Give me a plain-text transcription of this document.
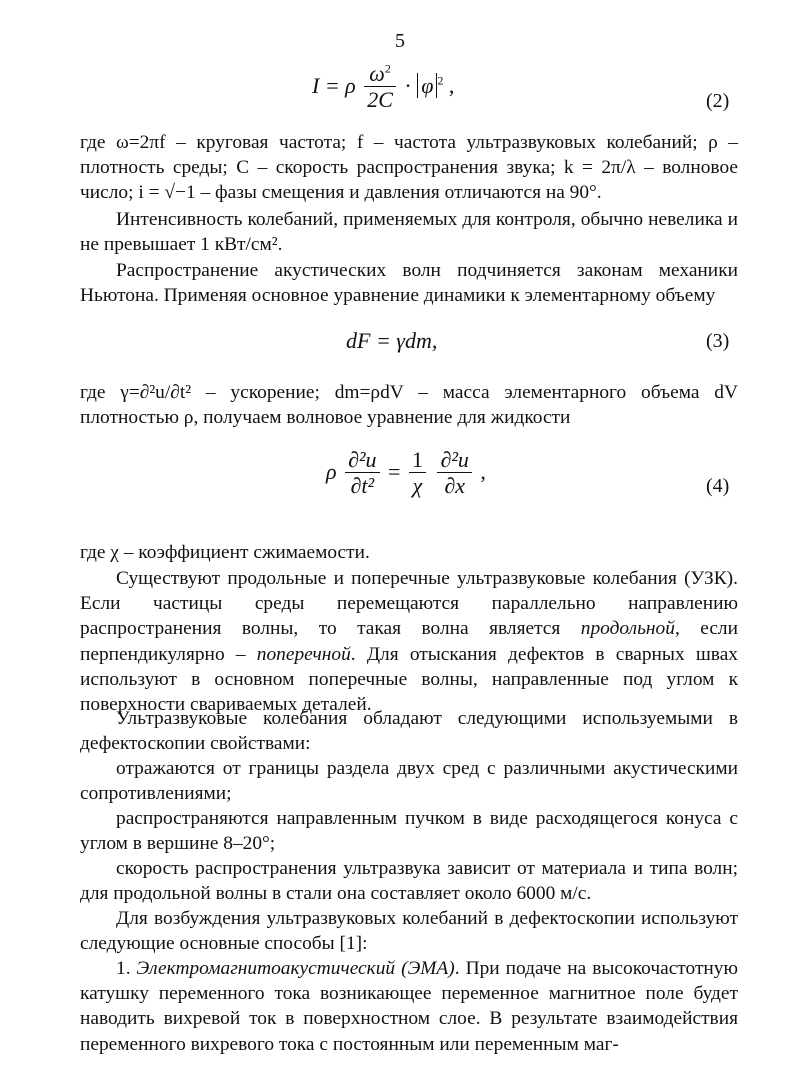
5
I = ρ $\frac{\omega^2}{2C} \cdot \varphi$ $^2$ ,
(2)

где ω=2πf – круговая частота; f – частота ультразвуковых колебаний; ρ – плотность среды; C – скорость распространения звука; k = 2π/λ – волновое число; i = √−1 – фазы смещения и давления отличаются на 90°.

Интенсивность колебаний, применяемых для контроля, обычно невелика и не превышает 1 кВт/см².

Распространение акустических волн подчиняется законам механики Ньютона. Применяя основное уравнение динамики к элементарному объему

dF = γdm,	(3)

где γ=∂²u/∂t² – ускорение; dm=ρdV – масса элементарного объема dV плотностью ρ, получаем волновое уравнение для жидкости

ρ $\frac{\text{∂²u}}{\text{∂t²}} = \frac{1}{\chi}$
$\frac{\text{∂²u}}{\partial x}$ ,
(4)

где χ – коэффициент сжимаемости.

Существуют продольные и поперечные ультразвуковые колебания (УЗК). Если частицы среды перемещаются параллельно направлению распространения волны, то такая волна является продольной, если перпендикулярно – поперечной. Для отыскания дефектов в сварных швах используют в основном поперечные волны, направленные под углом к поверхности свариваемых деталей.

Ультразвуковые колебания обладают следующими используемыми в дефектоскопии свойствами:

отражаются от границы раздела двух сред с различными акустическими сопротивлениями;

распространяются направленным пучком в виде расходящегося конуса с углом в вершине 8–20°;

скорость распространения ультразвука зависит от материала и типа волн; для продольной волны в стали она составляет около 6000 м/с.

Для возбуждения ультразвуковых колебаний в дефектоскопии используют следующие основные способы [1]:

1. Электромагнитоакустический (ЭМА). При подаче на высокочастотную катушку переменного тока возникающее переменное магнитное поле будет наводить вихревой ток в поверхностном слое. В результате взаимодействия переменного вихревого тока с постоянным или переменным маг-
